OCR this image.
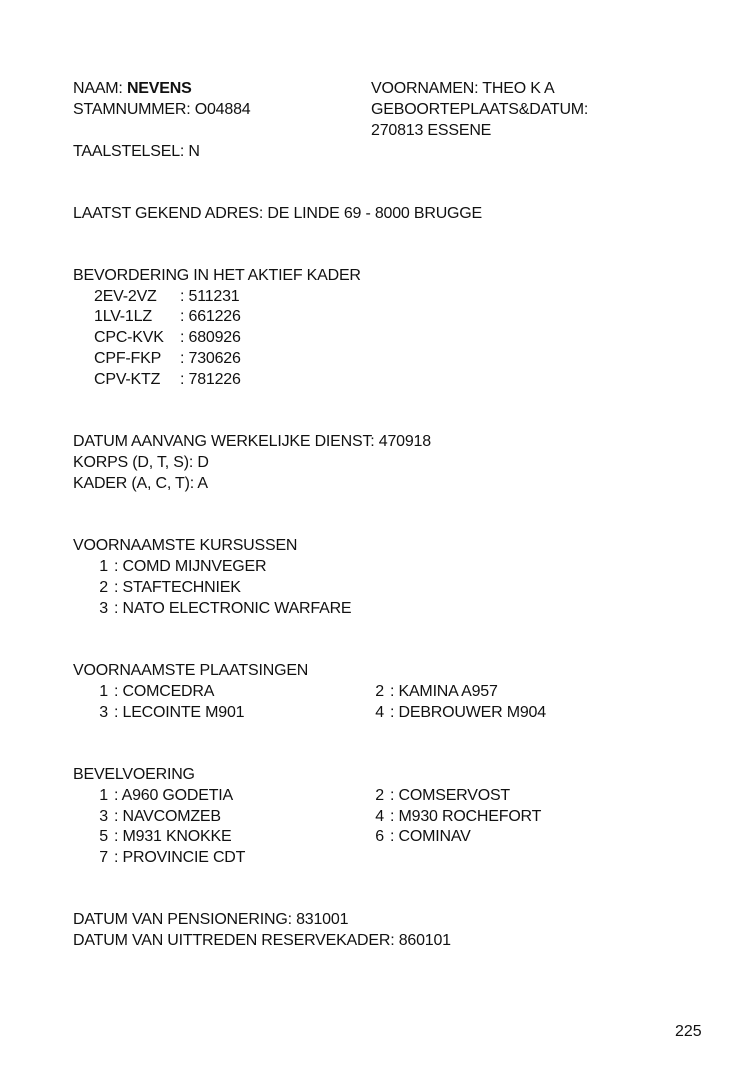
NAAM: NEVENS	VOORNAMEN: THEO K A
STAMNUMMER: O04884	GEBOORTEPLAATS&DATUM:
270813 ESSENE
TAALSTELSEL: N
LAATST GEKEND ADRES: DE LINDE 69 - 8000 BRUGGE
BEVORDERING IN HET AKTIEF KADER
2EV-2VZ : 511231
1LV-1LZ : 661226
CPC-KVK : 680926
CPF-FKP : 730626
CPV-KTZ : 781226
DATUM AANVANG WERKELIJKE DIENST: 470918
KORPS (D, T, S): D
KADER (A, C, T): A
VOORNAAMSTE KURSUSSEN
1 : COMD MIJNVEGER
2 : STAFTECHNIEK
3 : NATO ELECTRONIC WARFARE
VOORNAAMSTE PLAATSINGEN
1 : COMCEDRA	2 : KAMINA A957
3 : LECOINTE M901	4 : DEBROUWER M904
BEVELVOERING
1 : A960 GODETIA	2 : COMSERVOST
3 : NAVCOMZEB	4 : M930 ROCHEFORT
5 : M931 KNOKKE	6 : COMINAV
7 : PROVINCIE CDT
DATUM VAN PENSIONERING: 831001
DATUM VAN UITTREDEN RESERVEKADER: 860101
225
